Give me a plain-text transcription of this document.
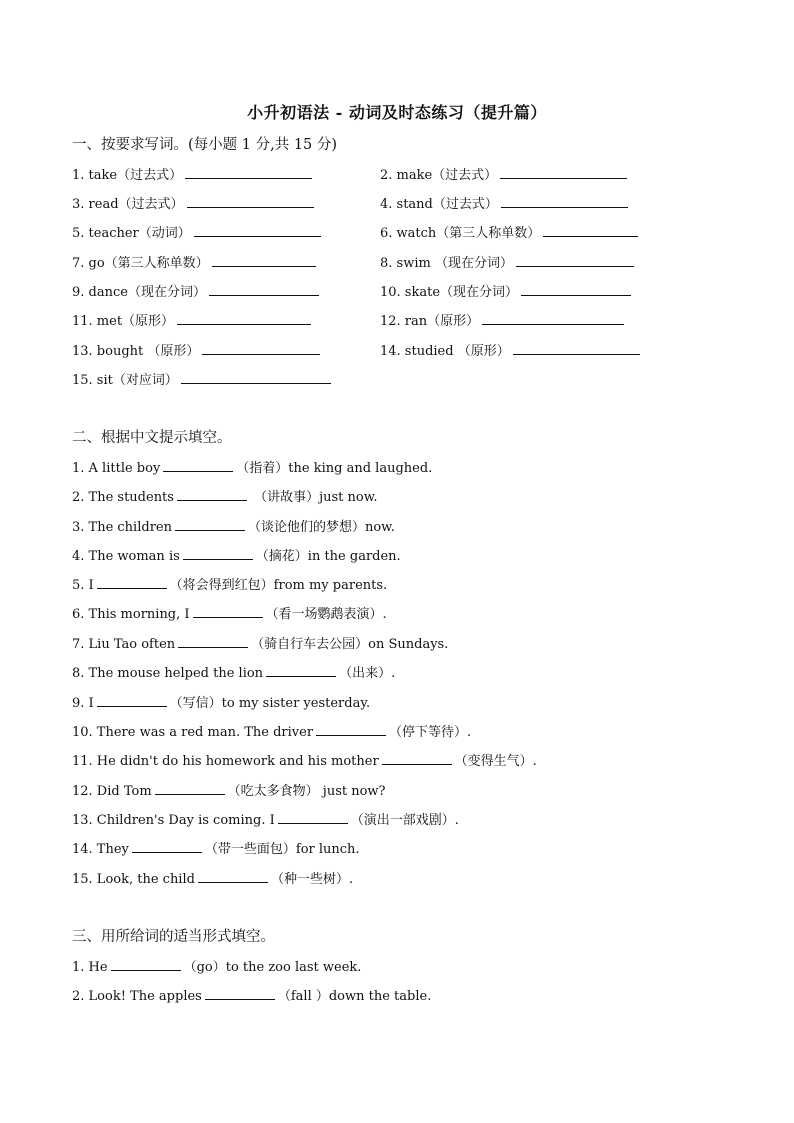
小升初语法 - 动词及时态练习（提升篇）
一、按要求写词。(每小题 1 分,共 15 分)
1. take（过去式）	2. make（过去式）
3. read（过去式）	4. stand（过去式）
5. teacher（动词）	6. watch（第三人称单数）
7. go（第三人称单数）	8. swim （现在分词）
9. dance（现在分词）	10. skate（现在分词）
11. met（原形）	12. ran（原形）
13. bought （原形）	14. studied （原形）
15. sit（对应词）
二、根据中文提示填空。
1. A little boy	（指着）the king and laughed.
2. The students	（讲故事）just now.
3. The children	（谈论他们的梦想）now.
4. The woman is	（摘花）in the garden.
5. I	（将会得到红包）from my parents.
6. This morning, I	（看一场鹦鹉表演）.
7. Liu Tao often	（骑自行车去公园）on Sundays.
8. The mouse helped the lion	（出来）.
9. I	（写信）to my sister yesterday.
10. There was a red man. The driver	（停下等待）.
11. He didn't do his homework and his mother	（变得生气）.
12. Did Tom	（吃太多食物） just now?
13. Children's Day is coming. I	（演出一部戏剧）.
14. They	（带一些面包）for lunch.
15. Look, the child	（种一些树）.
三、用所给词的适当形式填空。
1. He	（go）to the zoo last week.
2. Look! The apples	（fall ）down the table.
